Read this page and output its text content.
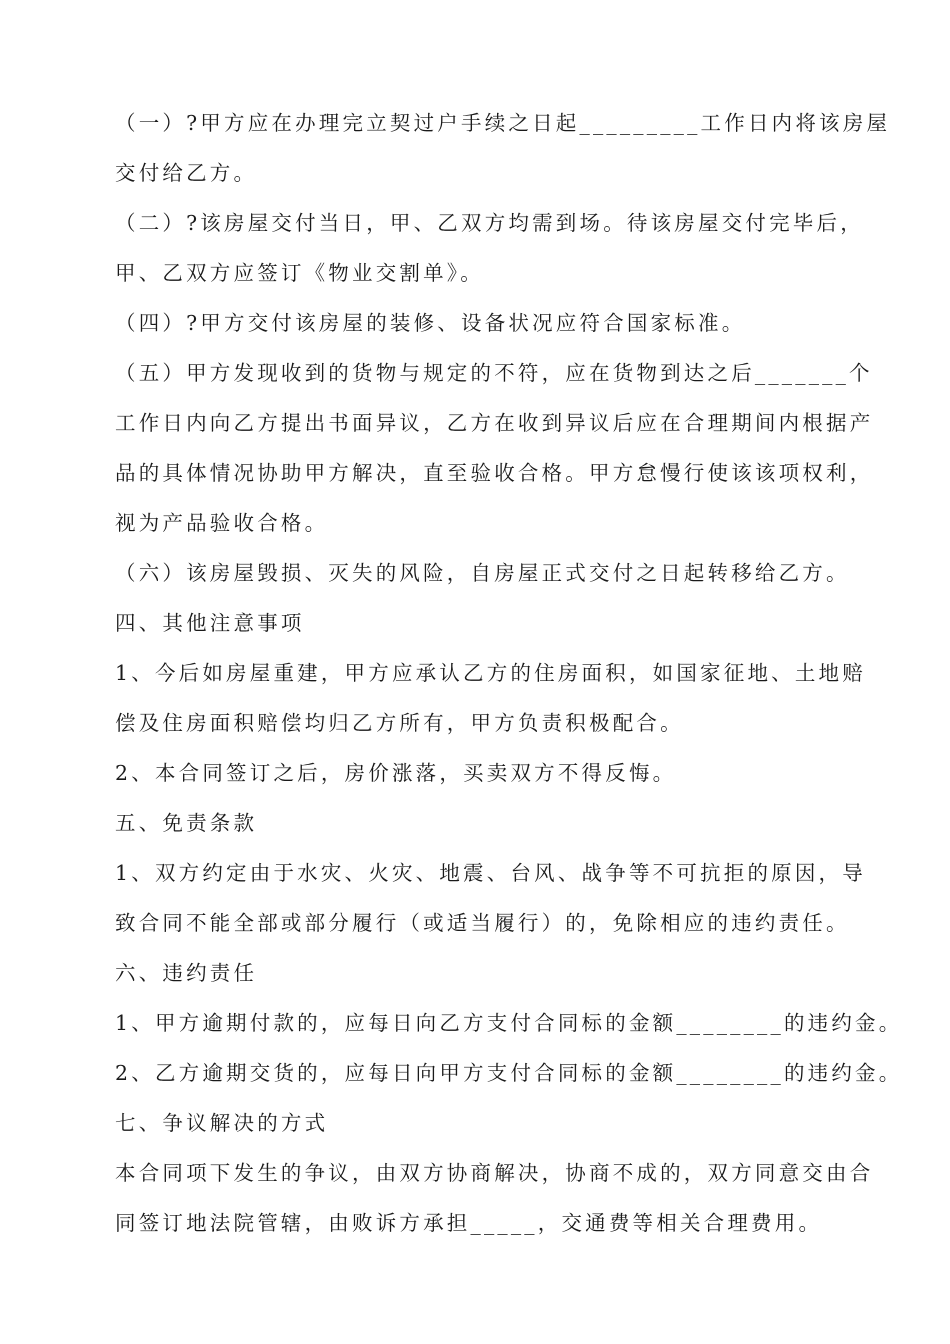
（一）?甲方应在办理完立契过户手续之日起_________工作日内将该房屋
交付给乙方。
（二）?该房屋交付当日，甲、乙双方均需到场。待该房屋交付完毕后，
甲、乙双方应签订《物业交割单》。
（四）?甲方交付该房屋的装修、设备状况应符合国家标准。
（五）甲方发现收到的货物与规定的不符，应在货物到达之后_______个
工作日内向乙方提出书面异议，乙方在收到异议后应在合理期间内根据产
品的具体情况协助甲方解决，直至验收合格。甲方怠慢行使该该项权利，
视为产品验收合格。
（六）该房屋毁损、灭失的风险，自房屋正式交付之日起转移给乙方。
四、其他注意事项
1、今后如房屋重建，甲方应承认乙方的住房面积，如国家征地、土地赔
偿及住房面积赔偿均归乙方所有，甲方负责积极配合。
2、本合同签订之后，房价涨落，买卖双方不得反悔。
五、免责条款
1、双方约定由于水灾、火灾、地震、台风、战争等不可抗拒的原因，导
致合同不能全部或部分履行（或适当履行）的，免除相应的违约责任。
六、违约责任
1、甲方逾期付款的，应每日向乙方支付合同标的金额________的违约金。
2、乙方逾期交货的，应每日向甲方支付合同标的金额________的违约金。
七、争议解决的方式
本合同项下发生的争议，由双方协商解决，协商不成的，双方同意交由合
同签订地法院管辖，由败诉方承担_____，交通费等相关合理费用。
